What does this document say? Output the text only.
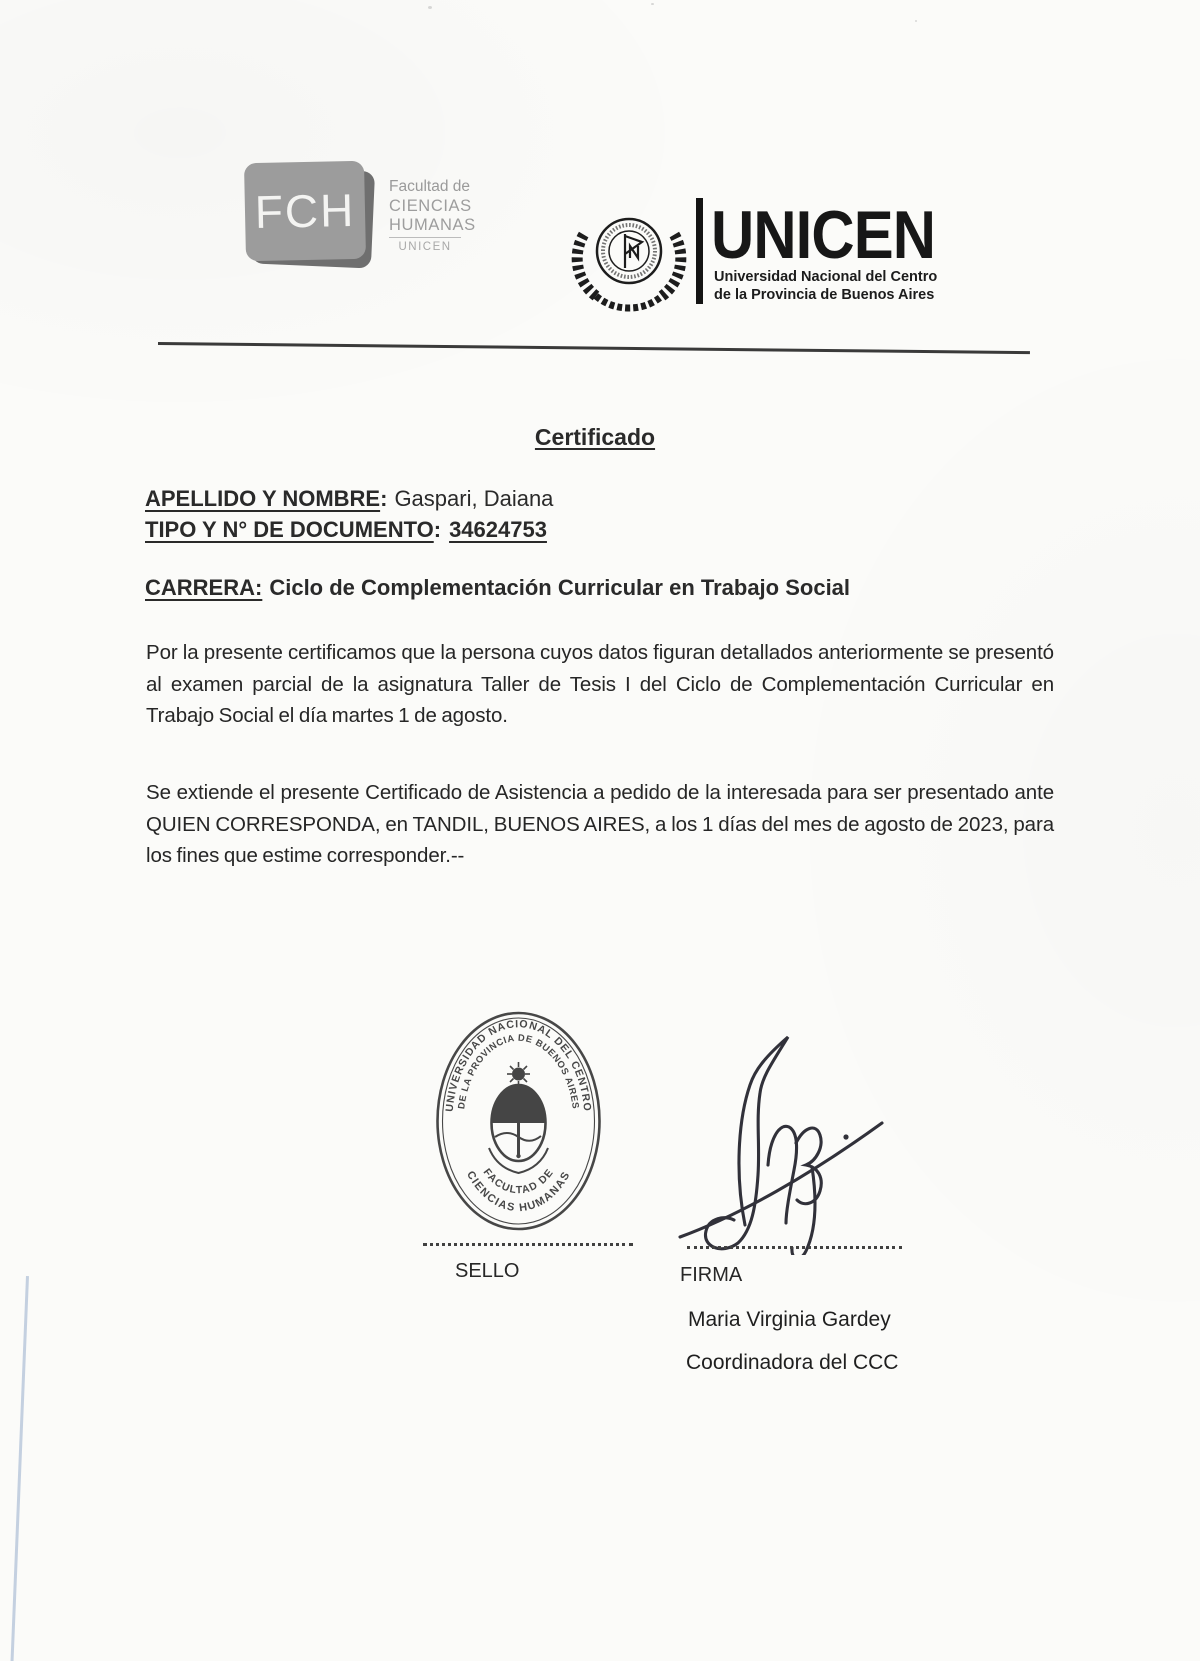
FCH Facultad de
CIENCIAS
HUMANAS
UNICEN	UNICEN
Universidad Nacional del Centro
de la Provincia de Buenos Aires
Certificado
APELLIDO Y NOMBRE: Gaspari, Daiana
TIPO Y N° DE DOCUMENTO: 34624753
CARRERA: Ciclo de Complementación Curricular en Trabajo Social
Por la presente certificamos que la persona cuyos datos figuran detallados anteriormente se presentó al examen parcial de la asignatura Taller de Tesis I del Ciclo de Complementación Curricular en Trabajo Social el día martes 1 de agosto.
Se extiende el presente Certificado de Asistencia a pedido de la interesada para ser presentado ante QUIEN CORRESPONDA, en TANDIL, BUENOS AIRES, a los 1 días del mes de agosto de 2023, para los fines que estime corresponder.--
UNIVERSIDAD NACIONAL DEL CENTRO
DE LA PROVINCIA DE BUENOS AIRES
FACULTAD DE
CIENCIAS HUMANAS
SELLO	FIRMA
Maria Virginia Gardey
Coordinadora del CCC
